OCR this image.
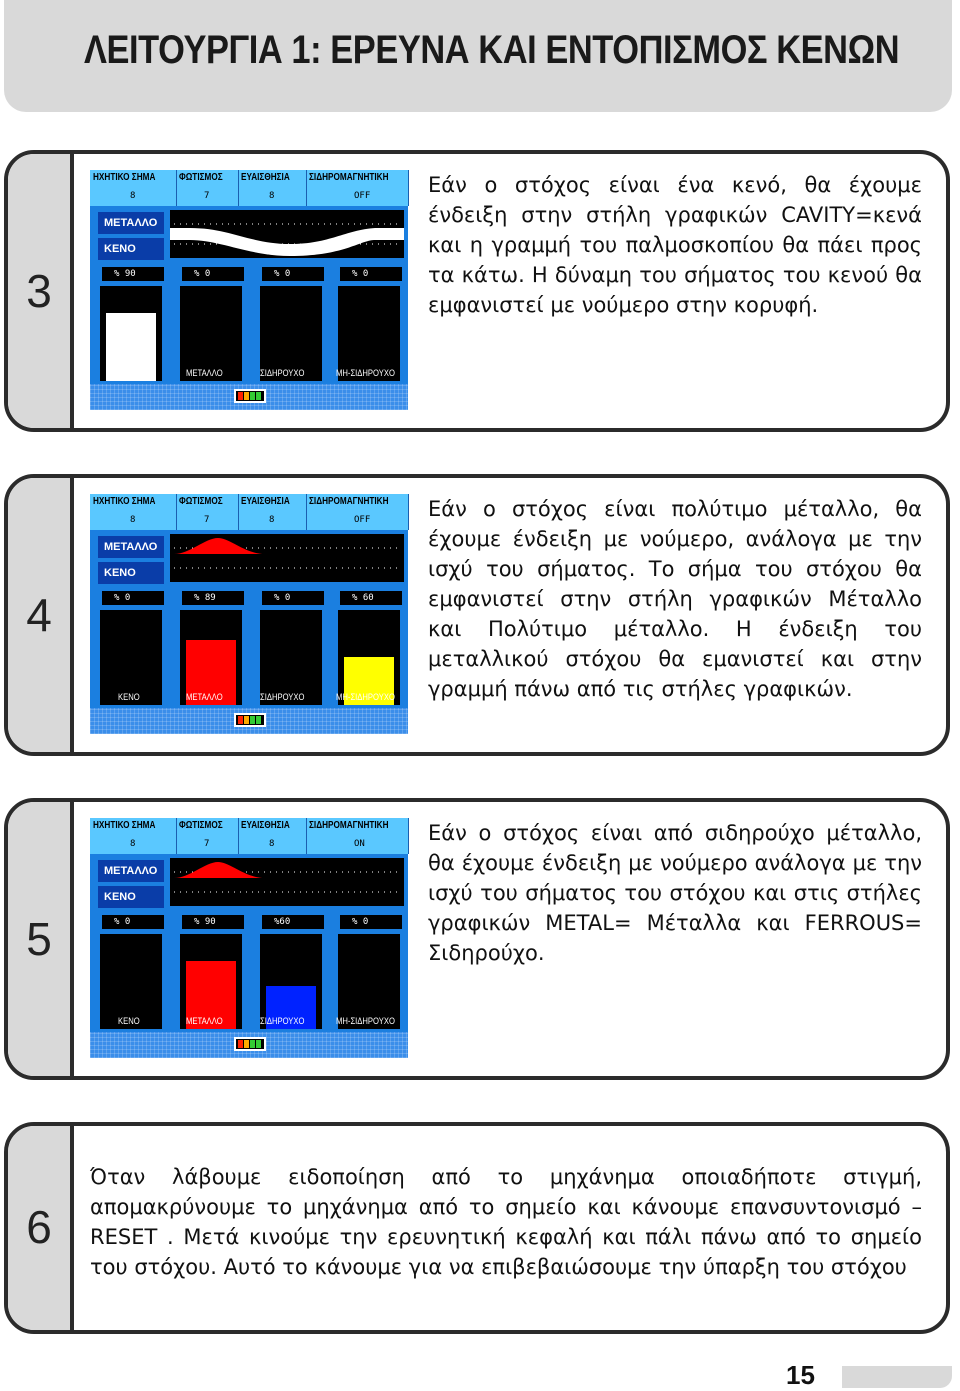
ΛΕΙΤΟΥΡΓΙΑ 1: ΕΡΕΥΝΑ ΚΑΙ ΕΝΤΟΠΙΣΜΟΣ ΚΕΝΩΝ
3
ΗΧΗΤΙΚΟ ΣΗΜΑ
8
ΦΩΤΙΣΜΟΣ
7
ΕΥΑΙΣΘΗΣΙΑ
8
ΣΙΔΗΡΟΜΑΓΝΗΤΙΚΗ
OFF
ΜΕΤΑΛΛΟ
ΚΕΝΟ
% 90
ΚΕΝΟ
% 0
ΜΕΤΑΛΛΟ
% 0
ΣΙΔΗΡΟΥΧΟ
% 0
ΜΗ-ΣΙΔΗΡΟΥΧΟ
Εάν ο στόχος είναι ένα κενό, θα έχουμε ένδειξη στην στήλη γραφικών CAVITY=κενά και η γραμμή του παλμοσκοπίου θα πάει προς τα κάτω. Η δύναμη του σήματος του κενού θα εμφανιστεί με νούμερο στην κορυφή.
4
ΗΧΗΤΙΚΟ ΣΗΜΑ
8
ΦΩΤΙΣΜΟΣ
7
ΕΥΑΙΣΘΗΣΙΑ
8
ΣΙΔΗΡΟΜΑΓΝΗΤΙΚΗ
OFF
ΜΕΤΑΛΛΟ
ΚΕΝΟ
% 0
ΚΕΝΟ
% 89
ΜΕΤΑΛΛΟ
% 0
ΣΙΔΗΡΟΥΧΟ
% 60
ΜΗ-ΣΙΔΗΡΟΥΧΟ
Εάν ο στόχος είναι πολύτιμο μέταλλο, θα έχουμε ένδειξη με νούμερο, ανάλογα με την ισχύ του σήματος. Το σήμα του στόχου θα εμφανιστεί στην στήλη γραφικών Μέταλλο και Πολύτιμο μέταλλο. Η ένδειξη του μεταλλικού στόχου θα εμανιστεί και στην γραμμή πάνω από τις στήλες γραφικών.
5
ΗΧΗΤΙΚΟ ΣΗΜΑ
8
ΦΩΤΙΣΜΟΣ
7
ΕΥΑΙΣΘΗΣΙΑ
8
ΣΙΔΗΡΟΜΑΓΝΗΤΙΚΗ
ON
ΜΕΤΑΛΛΟ
ΚΕΝΟ
% 0
ΚΕΝΟ
% 90
ΜΕΤΑΛΛΟ
%60
ΣΙΔΗΡΟΥΧΟ
% 0
ΜΗ-ΣΙΔΗΡΟΥΧΟ
Εάν ο στόχος είναι από σιδηρούχο μέταλλο, θα έχουμε ένδειξη με νούμερο ανάλογα με την ισχύ του σήματος του στόχου και στις στήλες γραφικών METAL= Μέταλλα και FERROUS= Σιδηρούχο.
6
Όταν λάβουμε ειδοποίηση από το μηχάνημα οποιαδήποτε στιγμή, απομακρύνουμε το μηχάνημα από το σημείο και κάνουμε επανσυντονισμό – RESET . Μετά κινούμε την ερευνητική κεφαλή και πάλι πάνω από το σημείο του στόχου. Αυτό το κάνουμε για να επιβεβαιώσουμε την ύπαρξη του στόχου
15
